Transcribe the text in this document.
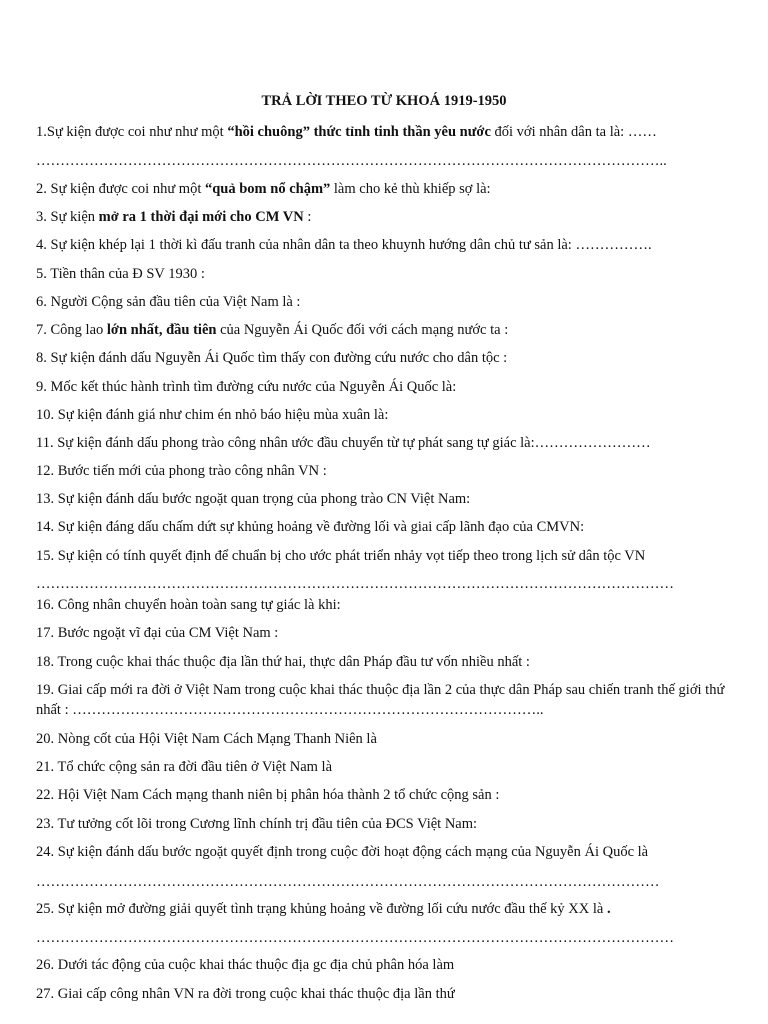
TRẢ LỜI THEO TỪ KHOÁ 1919-1950
1.Sự kiện được coi như như một “hồi chuông” thức tỉnh tinh thần yêu nước đối với nhân dân ta là: ……
…………………………………………………………………………………………………………………..
2. Sự kiện được coi như một “quả bom nổ chậm” làm cho kẻ thù khiếp sợ là:
3. Sự kiện mở ra 1 thời đại mới cho CM VN :
4. Sự kiện khép lại 1 thời kì đấu tranh của nhân dân ta theo khuynh hướng dân chủ tư sản là: …………….
5. Tiền thân của Đ SV 1930 :
6. Người Cộng sản đầu tiên của Việt Nam là :
7. Công lao lớn nhất, đầu tiên của Nguyễn Ái Quốc đối với cách mạng nước ta :
8. Sự kiện đánh dấu Nguyễn Ái Quốc tìm thấy con đường cứu nước cho dân tộc :
9. Mốc kết thúc hành trình tìm đường cứu nước của Nguyễn Ái Quốc là:
10. Sự kiện đánh giá như chim én nhỏ báo hiệu mùa xuân là:
11. Sự kiện đánh dấu phong trào công nhân ước đầu chuyển từ tự phát sang tự giác là:……………………
12. Bước tiến mới của phong trào công nhân VN :
13. Sự kiện đánh dấu bước ngoặt quan trọng của phong trào CN Việt Nam:
14. Sự kiện đáng dấu chấm dứt sự khủng hoảng về đường lối và giai cấp lãnh đạo của CMVN:
15. Sự kiện có tính quyết định để chuẩn bị cho ước phát triển nhảy vọt tiếp theo trong lịch sử dân tộc VN
……………………………………………………………………………………………………………………
16. Công nhân chuyển hoàn toàn sang tự giác là khi:
17. Bước ngoặt vĩ đại của CM Việt Nam :
18. Trong cuộc khai thác thuộc địa lần thứ hai, thực dân Pháp đầu tư vốn nhiều nhất :
19. Giai cấp mới ra đời ở Việt Nam trong cuộc khai thác thuộc địa lần 2 của thực dân Pháp sau chiến tranh thế giới thứ nhất : ……………………………………………………………………………………..
20. Nòng cốt của Hội Việt Nam Cách Mạng Thanh Niên là
21. Tổ chức cộng sản ra đời đầu tiên ở Việt Nam là
22. Hội Việt Nam Cách mạng thanh niên bị phân hóa thành 2 tổ chức cộng sản :
23. Tư tưởng cốt lõi trong Cương lĩnh chính trị đầu tiên của ĐCS Việt Nam:
24. Sự kiện đánh dấu bước ngoặt quyết định trong cuộc đời hoạt động cách mạng của Nguyễn Ái Quốc là
…………………………………………………………………………………………………………………
25. Sự kiện mở đường giải quyết tình trạng khủng hoảng về đường lối cứu nước đầu thế kỷ XX là .
……………………………………………………………………………………………………………………
26. Dưới tác động của cuộc khai thác thuộc địa gc địa chủ phân hóa làm
27. Giai cấp công nhân VN ra đời trong cuộc khai thác thuộc địa lần thứ
